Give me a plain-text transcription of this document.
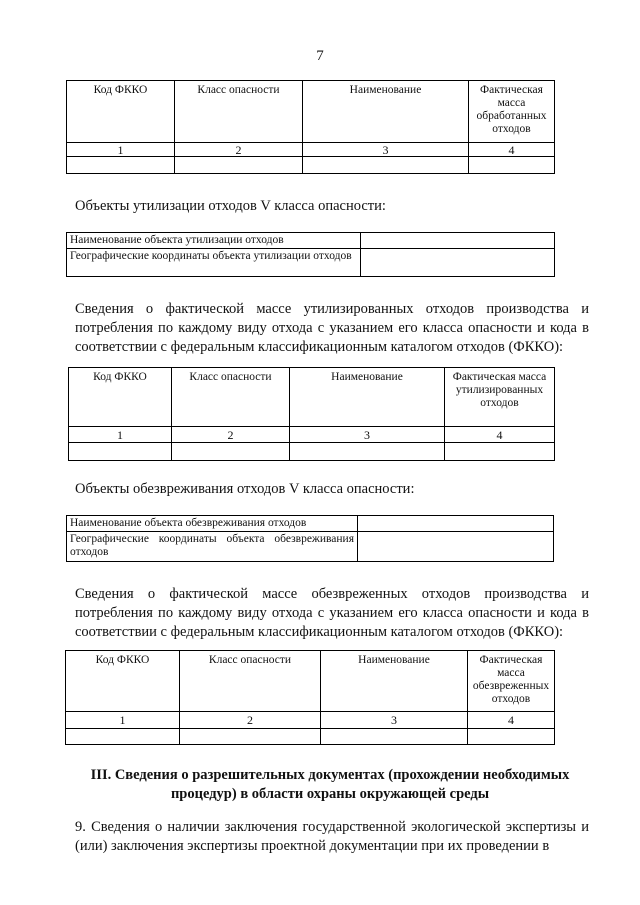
7
Код ФККО	Класс опасности	Наименование	Фактическая масса обработанных отходов
1	2	3	4

Объекты утилизации отходов V класса опасности:
Наименование объекта утилизации отходов	
Географические координаты объекта утилизации отходов	
Сведения о фактической массе утилизированных отходов производства и потребления по каждому виду отхода с указанием его класса опасности и кода в соответствии с федеральным классификационным каталогом отходов (ФККО):
Код ФККО	Класс опасности	Наименование	Фактическая масса утилизированных отходов
1	2	3	4

Объекты обезвреживания отходов V класса опасности:
Наименование объекта обезвреживания отходов	
Географические координаты объекта обезвреживания отходов	
Сведения о фактической массе обезвреженных отходов производства и потребления по каждому виду отхода с указанием его класса опасности и кода в соответствии с федеральным классификационным каталогом отходов (ФККО):
Код ФККО	Класс опасности	Наименование	Фактическая масса обезвреженных отходов
1	2	3	4

III. Сведения о разрешительных документах (прохождении необходимых процедур) в области охраны окружающей среды
9. Сведения о наличии заключения государственной экологической экспертизы и (или) заключения экспертизы проектной документации при их проведении в
